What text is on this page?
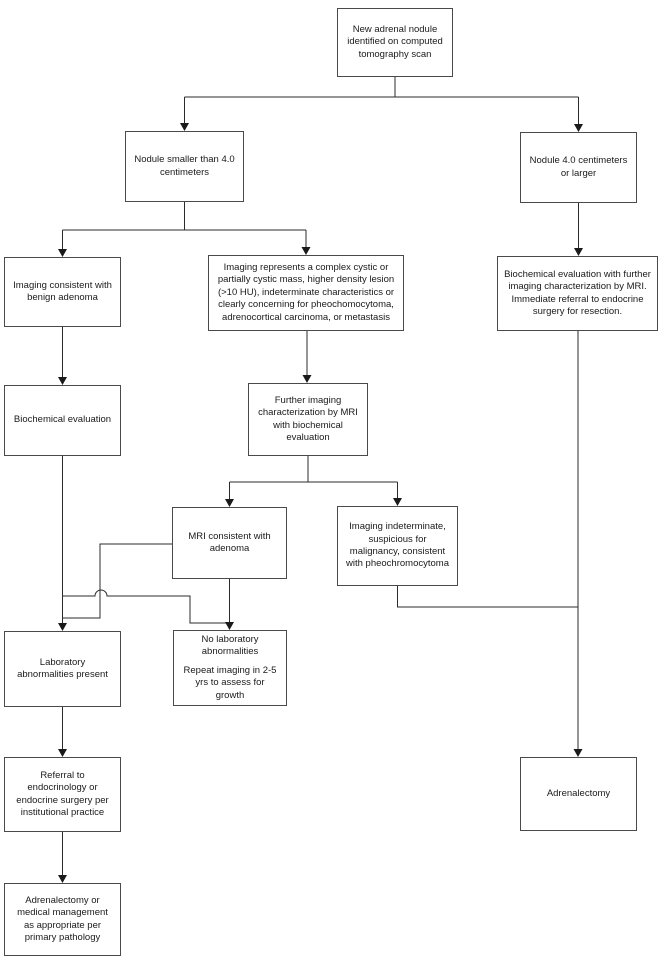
New adrenal nodule identified on computed tomography scan
Nodule smaller than 4.0 centimeters
Nodule 4.0 centimeters or larger
Imaging consistent with benign adenoma
Imaging represents a complex cystic or partially cystic mass, higher density lesion (>10 HU), indeterminate characteristics or clearly concerning for pheochomocytoma, adrenocortical carcinoma, or metastasis
Biochemical evaluation with further imaging characterization by MRI. Immediate referral to endocrine surgery for resection.
Biochemical evaluation
Further imaging characterization by MRI with biochemical evaluation
MRI consistent with adenoma
Imaging indeterminate, suspicious for malignancy, consistent with pheochromocytoma
Laboratory abnormalities present
No laboratory abnormalities
Repeat imaging in 2-5 yrs to assess for growth
Referral to endocrinology or endocrine surgery per institutional practice
Adrenalectomy
Adrenalectomy or medical management as appropriate per primary pathology
